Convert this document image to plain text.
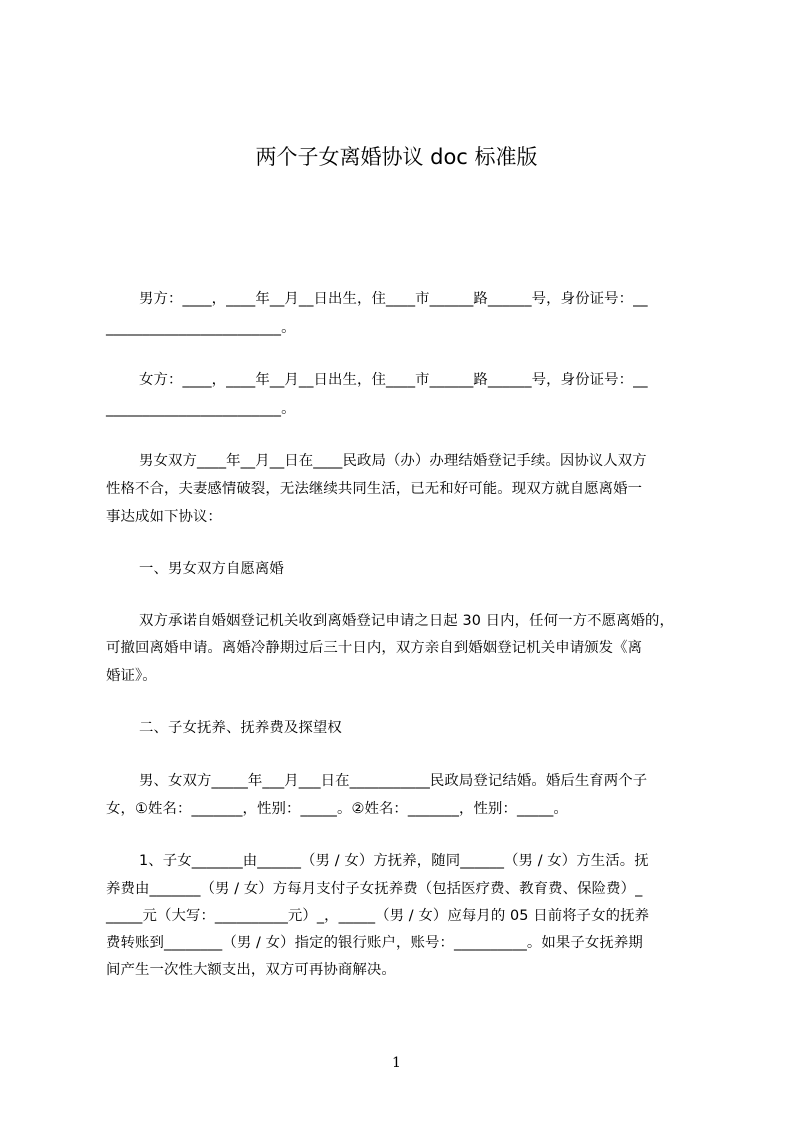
两个子女离婚协议 doc 标准版
男方：____，____年__月__日出生，住____市______路______号，身份证号：__
________________________。
女方：____，____年__月__日出生，住____市______路______号，身份证号：__
________________________。
男女双方____年__月__日在____民政局（办）办理结婚登记手续。因协议人双方
性格不合，夫妻感情破裂，无法继续共同生活，已无和好可能。现双方就自愿离婚一
事达成如下协议：
一、男女双方自愿离婚
双方承诺自婚姻登记机关收到离婚登记申请之日起 30 日内，任何一方不愿离婚的，
可撤回离婚申请。离婚冷静期过后三十日内，双方亲自到婚姻登记机关申请颁发《离
婚证》。
二、子女抚养、抚养费及探望权
男、女双方_____年___月___日在___________民政局登记结婚。婚后生育两个子
女，①姓名：_______，性别：_____。②姓名：_______，性别：_____。
1、子女_______由______（男 / 女）方抚养，随同______（男 / 女）方生活。抚
养费由_______（男 / 女）方每月支付子女抚养费（包括医疗费、教育费、保险费）_
_____元（大写：__________元）_，_____（男 / 女）应每月的 05 日前将子女的抚养
费转账到________（男 / 女）指定的银行账户，账号：__________。如果子女抚养期
间产生一次性大额支出，双方可再协商解决。
1
